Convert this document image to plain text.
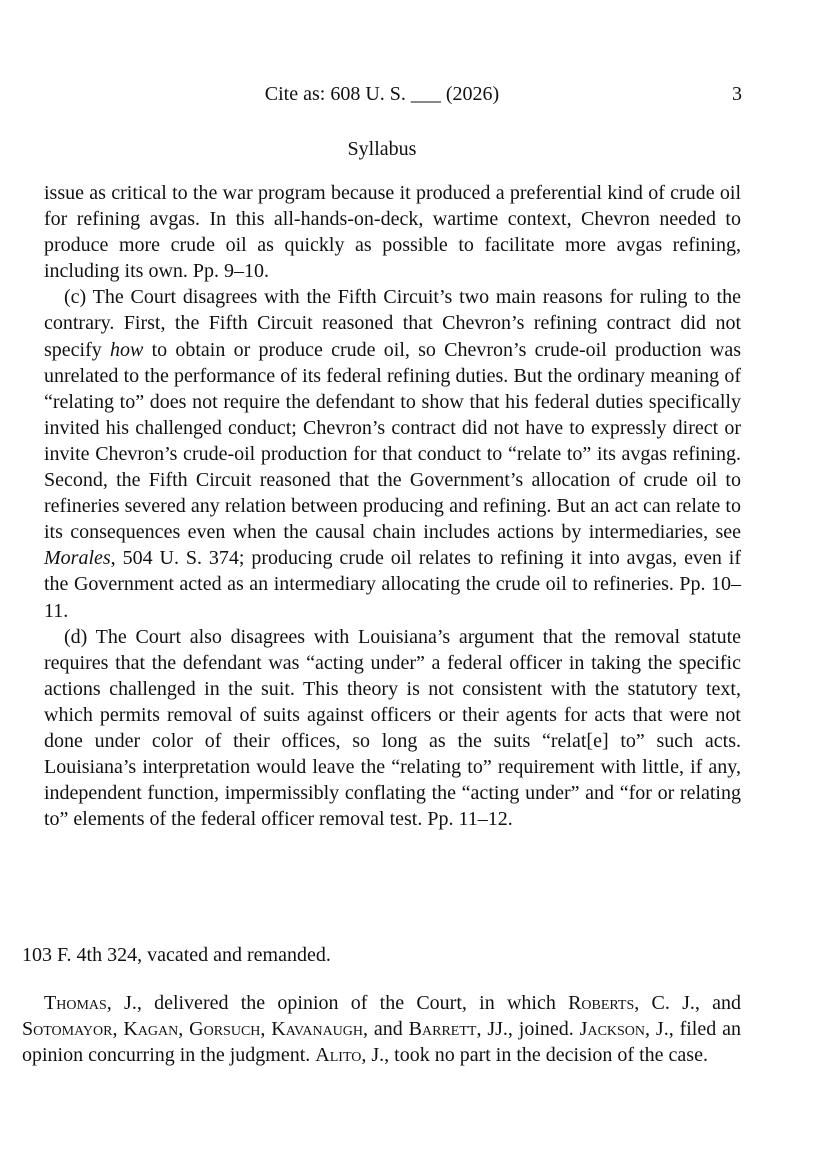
Cite as: 608 U. S. ___ (2026)	3
Syllabus

issue as critical to the war program because it produced a preferential kind of crude oil for refining avgas. In this all-hands-on-deck, wartime context, Chevron needed to produce more crude oil as quickly as possible to facilitate more avgas refining, including its own. Pp. 9–10.

(c) The Court disagrees with the Fifth Circuit’s two main reasons for ruling to the contrary. First, the Fifth Circuit reasoned that Chevron’s refining contract did not specify how to obtain or produce crude oil, so Chevron’s crude-oil production was unrelated to the performance of its federal refining duties. But the ordinary meaning of “relating to” does not require the defendant to show that his federal duties specifically invited his challenged conduct; Chevron’s contract did not have to expressly direct or invite Chevron’s crude-oil production for that conduct to “relate to” its avgas refining. Second, the Fifth Circuit reasoned that the Government’s allocation of crude oil to refineries severed any relation between producing and refining. But an act can relate to its consequences even when the causal chain includes actions by intermediaries, see Morales, 504 U. S. 374; producing crude oil relates to refining it into avgas, even if the Government acted as an intermediary allocating the crude oil to refineries. Pp. 10–11.

(d) The Court also disagrees with Louisiana’s argument that the removal statute requires that the defendant was “acting under” a federal officer in taking the specific actions challenged in the suit. This theory is not consistent with the statutory text, which permits removal of suits against officers or their agents for acts that were not done under color of their offices, so long as the suits “relat[e] to” such acts. Louisiana’s interpretation would leave the “relating to” requirement with little, if any, independent function, impermissibly conflating the “acting under” and “for or relating to” elements of the federal officer removal test. Pp. 11–12.

103 F. 4th 324, vacated and remanded.
Thomas, J., delivered the opinion of the Court, in which Roberts, C. J., and Sotomayor, Kagan, Gorsuch, Kavanaugh, and Barrett, JJ., joined. Jackson, J., filed an opinion concurring in the judgment. Alito, J., took no part in the decision of the case.
